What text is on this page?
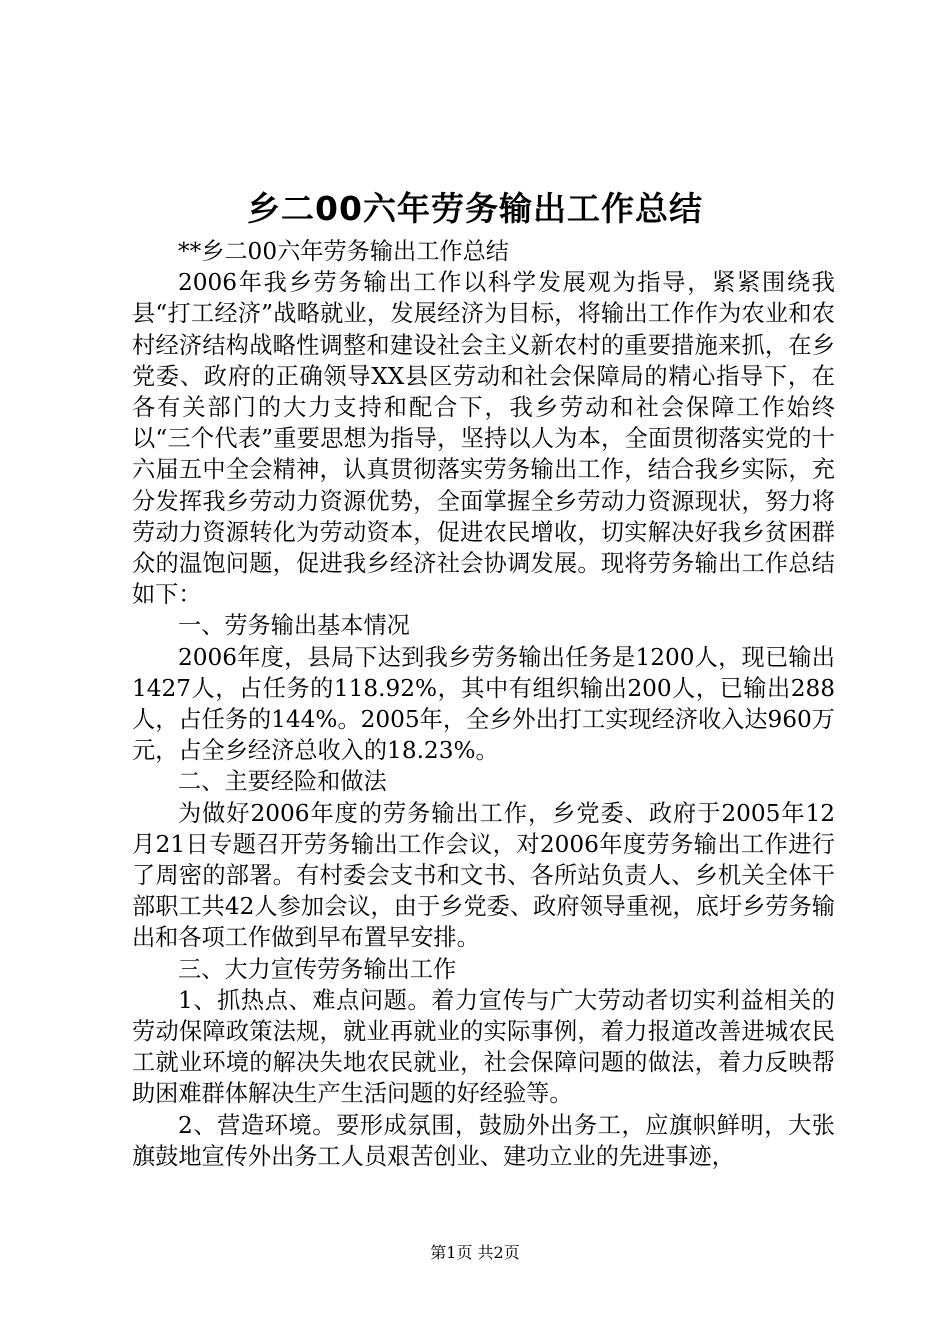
乡二00六年劳务输出工作总结

**乡二00六年劳务输出工作总结

2006年我乡劳务输出工作以科学发展观为指导，紧紧围绕我县“打工经济”战略就业，发展经济为目标，将输出工作作为农业和农村经济结构战略性调整和建设社会主义新农村的重要措施来抓，在乡党委、政府的正确领导XX县区劳动和社会保障局的精心指导下，在各有关部门的大力支持和配合下，我乡劳动和社会保障工作始终以“三个代表”重要思想为指导，坚持以人为本，全面贯彻落实党的十六届五中全会精神，认真贯彻落实劳务输出工作，结合我乡实际，充分发挥我乡劳动力资源优势，全面掌握全乡劳动力资源现状，努力将劳动力资源转化为劳动资本，促进农民增收，切实解决好我乡贫困群众的温饱问题，促进我乡经济社会协调发展。现将劳务输出工作总结如下：

一、劳务输出基本情况

2006年度，县局下达到我乡劳务输出任务是1200人，现已输出1427人，占任务的118.92%，其中有组织输出200人，已输出288人，占任务的144%。2005年，全乡外出打工实现经济收入达960万元，占全乡经济总收入的18.23%。

二、主要经险和做法

为做好2006年度的劳务输出工作，乡党委、政府于2005年12月21日专题召开劳务输出工作会议，对2006年度劳务输出工作进行了周密的部署。有村委会支书和文书、各所站负责人、乡机关全体干部职工共42人参加会议，由于乡党委、政府领导重视，底圩乡劳务输出和各项工作做到早布置早安排。

三、大力宣传劳务输出工作

1、抓热点、难点问题。着力宣传与广大劳动者切实利益相关的劳动保障政策法规，就业再就业的实际事例，着力报道改善进城农民工就业环境的解决失地农民就业，社会保障问题的做法，着力反映帮助困难群体解决生产生活问题的好经验等。

2、营造环境。要形成氛围，鼓励外出务工，应旗帜鲜明，大张旗鼓地宣传外出务工人员艰苦创业、建功立业的先进事迹，

第1页 共2页
